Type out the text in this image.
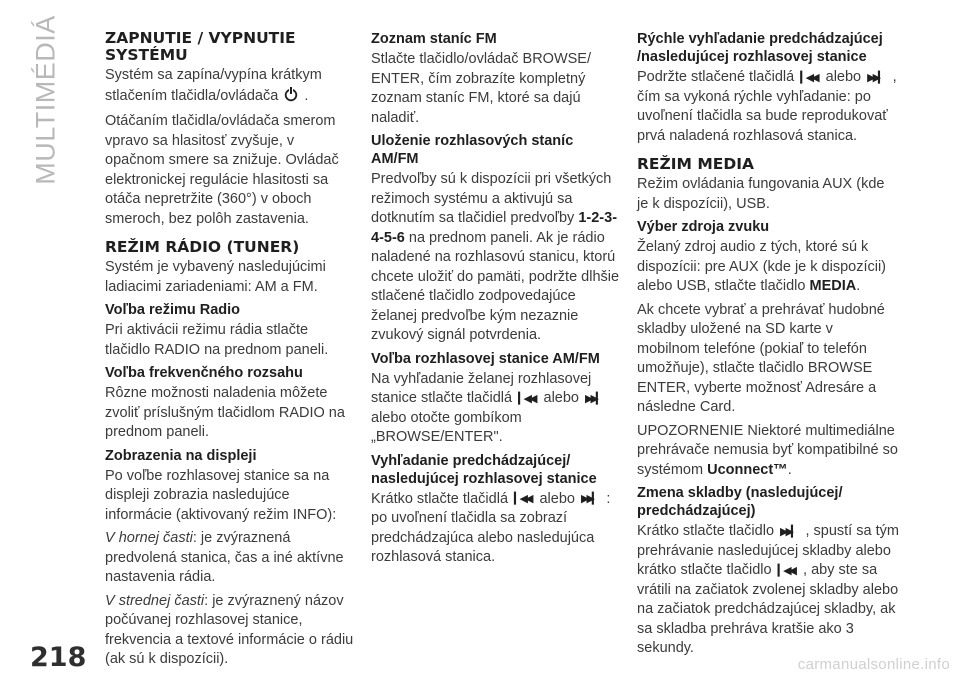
MULTIMÉDIÁ	ZAPNUTIE / VYPNUTIE SYSTÉMU
Systém sa zapína/vypína krátkym stlačením tlačidla/ovládača .
Otáčaním tlačidla/ovládača smerom vpravo sa hlasitosť zvyšuje, v opačnom smere sa znižuje. Ovládač elektronickej regulácie hlasitosti sa otáča nepretržite (360°) v oboch smeroch, bez polôh zastavenia.
REŽIM RÁDIO (TUNER)
Systém je vybavený nasledujúcimi ladiacimi zariadeniami: AM a FM.
Voľba režimu Radio
Pri aktivácii režimu rádia stlačte tlačidlo RADIO na prednom paneli.
Voľba frekvenčného rozsahu
Rôzne možnosti naladenia môžete zvoliť príslušným tlačidlom RADIO na prednom paneli.
Zobrazenia na displeji
Po voľbe rozhlasovej stanice sa na displeji zobrazia nasledujúce informácie (aktivovaný režim INFO):
V hornej časti: je zvýraznená predvolená stanica, čas a iné aktívne nastavenia rádia.
V strednej časti: je zvýraznený názov počúvanej rozhlasovej stanice, frekvencia a textové informácie o rádiu (ak sú k dispozícii).
Zoznam staníc FM
Stlačte tlačidlo/ovládač BROWSE/ ENTER, čím zobrazíte kompletný zoznam staníc FM, ktoré sa dajú naladiť.
Uloženie rozhlasových staníc AM/FM
Predvoľby sú k dispozícii pri všetkých režimoch systému a aktivujú sa dotknutím sa tlačidiel predvoľby 1-2-3-4-5-6 na prednom paneli. Ak je rádio naladené na rozhlasovú stanicu, ktorú chcete uložiť do pamäti, podržte dlhšie stlačené tlačidlo zodpovedajúce želanej predvoľbe kým nezaznie zvukový signál potvrdenia.
Voľba rozhlasovej stanice AM/FM
Na vyhľadanie želanej rozhlasovej stanice stlačte tlačidlá ▎◀◀ alebo ▶▶▎ alebo otočte gombíkom „BROWSE/ENTER".
Vyhľadanie predchádzajúcej/ nasledujúcej rozhlasovej stanice
Krátko stlačte tlačidlá ▎◀◀ alebo ▶▶▎ : po uvoľnení tlačidla sa zobrazí predchádzajúca alebo nasledujúca rozhlasová stanica.
Rýchle vyhľadanie predchádzajúcej /nasledujúcej rozhlasovej stanice
Podržte stlačené tlačidlá ▎◀◀ alebo ▶▶▎ , čím sa vykoná rýchle vyhľadanie: po uvoľnení tlačidla sa bude reprodukovať prvá naladená rozhlasová stanica.
REŽIM MEDIA
Režim ovládania fungovania AUX (kde je k dispozícii), USB.
Výber zdroja zvuku
Želaný zdroj audio z tých, ktoré sú k dispozícii: pre AUX (kde je k dispozícii) alebo USB, stlačte tlačidlo MEDIA.
Ak chcete vybrať a prehrávať hudobné skladby uložené na SD karte v mobilnom telefóne (pokiaľ to telefón umožňuje), stlačte tlačidlo BROWSE ENTER, vyberte možnosť Adresáre a následne Card.
UPOZORNENIE Niektoré multimediálne prehrávače nemusia byť kompatibilné so systémom Uconnect™.
Zmena skladby (nasledujúcej/ predchádzajúcej)
Krátko stlačte tlačidlo ▶▶▎ , spustí sa tým prehrávanie nasledujúcej skladby alebo krátko stlačte tlačidlo ▎◀◀ , aby ste sa vrátili na začiatok zvolenej skladby alebo na začiatok predchádzajúcej skladby, ak sa skladba prehráva kratšie ako 3 sekundy.
218	carmanualsonline.info
